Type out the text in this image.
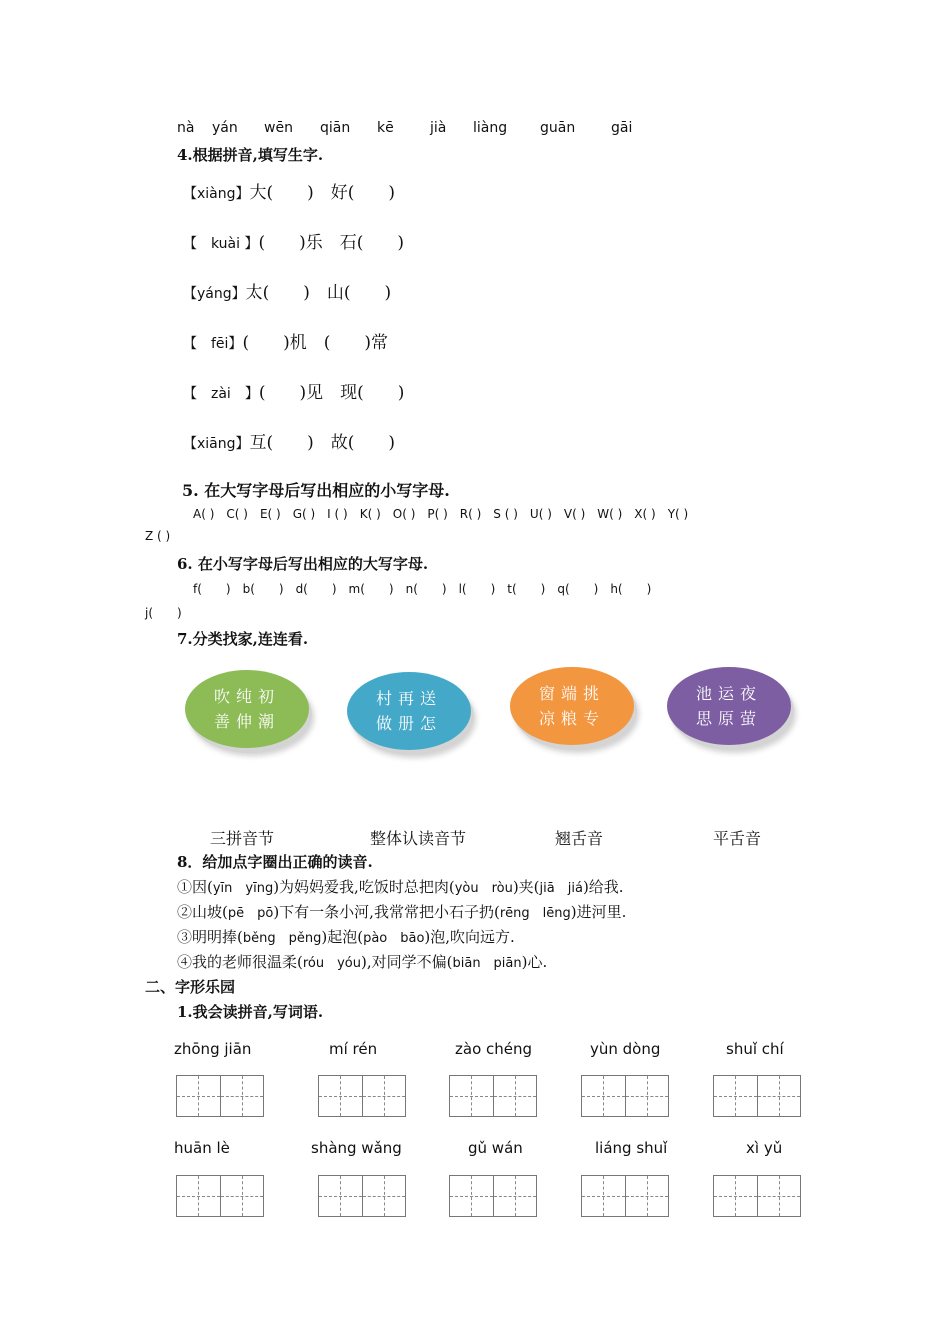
nà yán wēn qiān kē	jià liàng guān	gāi
4.根据拼音,填写生字.
【xiàng】大(　　)　 好(　　)
【　kuài 】(　　)乐　 石(　　)
【yáng】太(　　)　 山(　　)
【　fēi】(　　)机　 (　　)常
【　zài　】(　　)见　 现(　　)
【xiāng】互(　　)　 故(　　)
5. 在大写字母后写出相应的小写字母.
A( )　C( )　E( )　G( )　I ( )　K( )　O( )　P( )　R( )　S ( )　U( )　V( )　W( )　X( )　Y( )
Z ( )
6. 在小写字母后写出相应的大写字母.
f(　　)　b(　　)　d(　　)　m(　　)　n(　　)　l(　　)　t(　　)　q(　　)　h(　　)
j(　　)
7.分类找家,连连看.
吹纯初
善伸潮
村再送
做册怎
窗端挑
凉粮专
池运夜
思原萤
三拼音节	整体认读音节	翘舌音	平舌音
8．给加点字圈出正确的读音.
①因(yīn　yīng)为妈妈爱我,吃饭时总把肉(yòu　ròu)夹(jiā　jiá)给我.
②山坡(pē　pō)下有一条小河,我常常把小石子扔(rēng　lēng)进河里.
③明明捧(běng　pěng)起泡(pào　bāo)泡,吹向远方.
④我的老师很温柔(róu　yóu),对同学不偏(biān　piān)心.
二、字形乐园
1.我会读拼音,写词语.
zhōng jiān	mí rén	zào chéng	yùn dòng	shuǐ chí
huān lè	shàng wǎng	gǔ wán	liáng shuǐ	xì yǔ
